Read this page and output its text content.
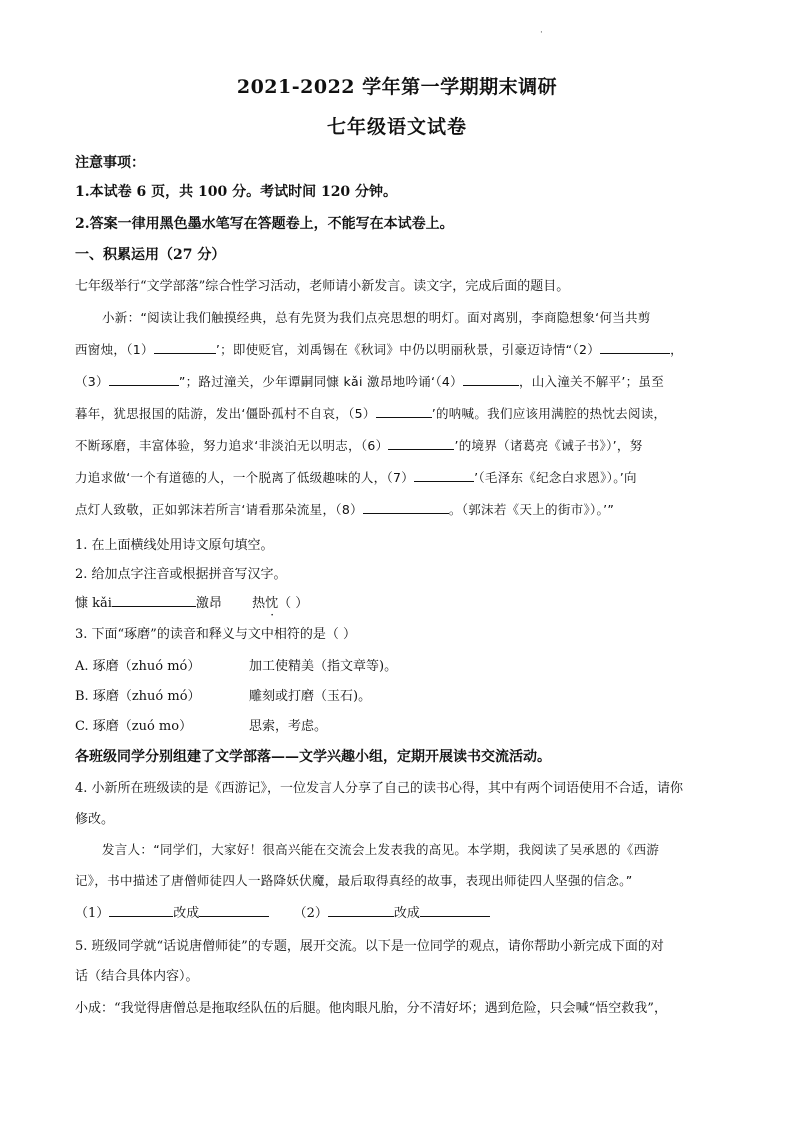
·
2021-2022 学年第一学期期末调研
七年级语文试卷
注意事项：
1.本试卷 6 页，共 100 分。考试时间 120 分钟。
2.答案一律用黑色墨水笔写在答题卷上，不能写在本试卷上。
一、积累运用（27 分）
七年级举行“文学部落”综合性学习活动，老师请小新发言。读文字，完成后面的题目。
小新：“阅读让我们触摸经典，总有先贤为我们点亮思想的明灯。面对离别，李商隐想象‘何当共剪
西窗烛，（1）	’；即使贬官，刘禹锡在《秋词》中仍以明丽秋景，引豪迈诗情“（2）	，
（3）	”；路过潼关，少年谭嗣同慷 kǎi 激昂地吟诵‘（4）	，山入潼关不解平’；虽至
暮年，犹思报国的陆游，发出‘僵卧孤村不自哀，（5）	’的呐喊。我们应该用满腔的热忱去阅读，
不断琢磨，丰富体验，努力追求‘非淡泊无以明志，（6）	’的境界（诸葛亮《诫子书》）’，努
力追求做‘一个有道德的人，一个脱离了低级趣味的人，（7）	’（毛泽东《纪念白求恩》）。’向
点灯人致敬，正如郭沫若所言‘请看那朵流星，（8）	。（郭沫若《天上的街市》）。’”
1. 在上面横线处用诗文原句填空。
2. 给加点字注音或根据拼音写汉字。
慷 kǎi	激昂 热忱（ ）
3. 下面“琢磨”的读音和释义与文中相符的是（ ）
A. 琢磨（zhuó mó）	加工使精美（指文章等)。
B. 琢磨（zhuó mó）	雕刻或打磨（玉石)。
C. 琢磨（zuó mo）	思索，考虑。
各班级同学分别组建了文学部落——文学兴趣小组，定期开展读书交流活动。
4. 小新所在班级读的是《西游记》，一位发言人分享了自己的读书心得，其中有两个词语使用不合适，请你
修改。
发言人：“同学们，大家好！很高兴能在交流会上发表我的高见。本学期，我阅读了吴承恩的《西游
记》，书中描述了唐僧师徒四人一路降妖伏魔，最后取得真经的故事，表现出师徒四人坚强的信念。”
（1）	改成	（2）	改成
5. 班级同学就“话说唐僧师徒”的专题，展开交流。以下是一位同学的观点，请你帮助小新完成下面的对
话（结合具体内容）。
小成：“我觉得唐僧总是拖取经队伍的后腿。他肉眼凡胎，分不清好坏；遇到危险，只会喊“悟空救我”，
